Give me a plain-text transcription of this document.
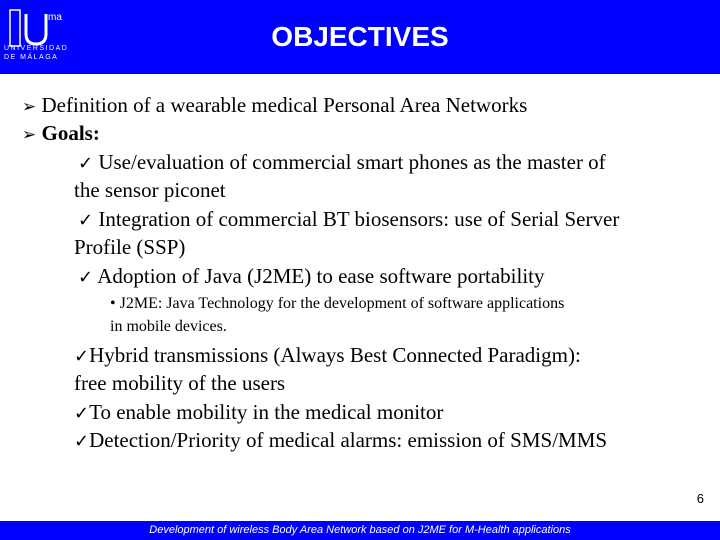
ma
UNIVERSIDAD
DE MÁLAGA
OBJECTIVES
➢ Definition of a wearable medical Personal Area Networks
➢ Goals:
✓ Use/evaluation of commercial smart phones as the master of
the sensor piconet
✓ Integration of commercial BT biosensors: use of Serial Server
Profile (SSP)
✓ Adoption of Java (J2ME) to ease software portability
• J2ME: Java Technology for the development of software applications
in mobile devices.
✓Hybrid transmissions (Always Best Connected Paradigm):
free mobility of the users
✓To enable mobility in the medical monitor
✓Detection/Priority of medical alarms: emission of SMS/MMS
6
Development of wireless Body Area Network based on J2ME for M-Health applications
